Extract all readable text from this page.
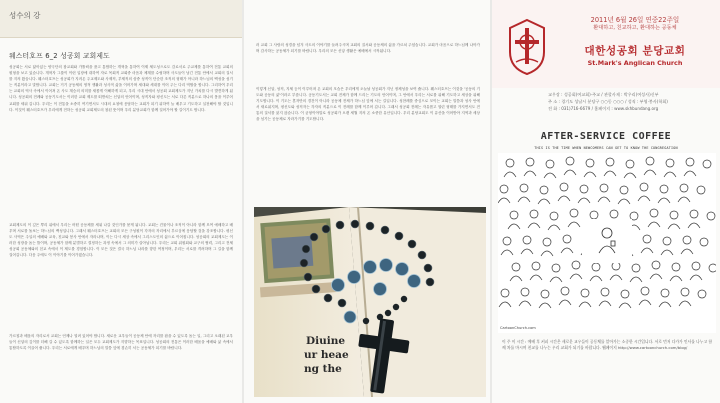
성수의 강
웨스터호프 6_2 성공회 교회제도
성공회는 서로 닮아있는 양극단의 참교회와 가톨릭을 품고 통합하는 개혁을 통하여 이제 체도성으로도 감로서로 주교제를 통하여 전통 교회의 원형을 보고 있습니다. 개혁자 그룹이 이런 입장에 대하여 자로 목회적 교회중 마음과 체계를 수립하며 사도들이 남긴 전통 안에서 교회의 질서를 지켜 왔습니다. 웨스터호프는 성공회가 지켜온 주교제도와 사제직, 부제직의 삼중 성직이 단순한 조직의 형태가 아니라 하느님의 백성을 섬기는 직분이라고 말합니다. 교회는 거기 공동체의 영적 생활과 성사적 삶을 이어가며 세대와 세대를 이어 주는 다리 역할을 합니다. 그리하여 우리는 교회의 역사 속에서 이어져 온 사도 계승의 의미를 새롭게 이해하게 되고, 우리 시대 안에서 성공회 교회제도가 지닌 가치를 다시 발견하게 됩니다. 성공회의 전례와 공동기도서는 이러한 교회 제도를 떠받치는 신앙의 언어이며, 성직자와 평신도는 서로 다른 직분으로 하나의 몸을 이루어 교회를 세워 갑니다. 우리는 이 전통을 소중히 여기면서도 시대의 요청에 응답하는 교회가 되기 위하여 늘 배우고 기도하고 실천해야 할 것입니다. 이것이 웨스터호프가 우리에게 전하는 성공회 교회제도의 참된 뜻이며 우리 분당교회가 함께 걸어가야 할 길이기도 합니다.
교회제도의 이 깊은 뿌리 위에서 우리는 어떤 공동체를 세워 나갈 것인가를 묻게 됩니다. 교회는 건물이나 조직이 아니라 함께 모여 예배하고 배우며 서로를 돌보는 하느님의 백성입니다. 그래서 웨스터호프는 교회의 모든 구성원이 각자의 자리에서 부르심에 응답할 것을 강조합니다. 평신도 사역은 주일의 예배와 교육, 친교와 봉사 안에서 자라나며, 이는 다시 세상 속에서 그리스도인의 삶으로 이어집니다. 성공회의 교회제도는 이러한 성장을 돕는 틀이며, 공동체가 함께 분별하고 결정하는 과정 속에서 그 의미가 살아납니다. 우리는 교회 위원회와 교구의 협력, 그리고 전체 성공회 공동체와의 친교 속에서 이 제도를 경험합니다. 이 모든 것은 결국 하느님 나라를 향한 여정이며, 우리는 서로를 격려하며 그 길을 함께 걸어갑니다. 다음 주에도 이 이야기를 이어가겠습니다.
가르침과 배움의 자리로서 교회는 언제나 열려 있어야 합니다. 새로운 교우들이 공동체 안에 자리를 잡을 수 있도록 돕는 일, 그리고 오래된 교우들이 신앙의 깊이를 더해 갈 수 있도록 함께하는 일은 모두 교회제도가 지향하는 목표입니다. 성공회의 전통은 이러한 배움을 예배와 삶 속에서 통합하도록 이끌어 줍니다. 우리는 서로에게 배우며 하느님의 말씀 앞에 겸손히 서는 공동체가 되기를 바랍니다.
러 교회 그 사랑의 성경을 넘겨 사도의 이야기를 들려주시며 교회의 질서와 공동체의 삶을 가르쳐 주셨습니다. 교회가 마음으로 하느님께 나아가며 감사하는 공동체가 되기를 바랍니다. 우리의 모든 신앙 생활은 예배에서 시작됩니다.
이렇게 신앙, 성직, 지체 등이 이루어져 온 교회의 모습은 우리에게 오늘날 성공회가 지닌 정체성을 보여 줍니다. 웨스터호프는 이것을 '공동의 기도와 공동의 삶'이라고 부릅니다. 공동기도서는 교회 전체가 함께 드리는 기도의 언어이며, 그 안에서 우리는 서로를 위해 기도하고 세상을 위해 기도합니다. 이 기도는 혼자만의 경건이 아니라 공동체 전체가 하느님 앞에 서는 길입니다. 성찬례를 중심으로 모이는 교회는 말씀과 성사 안에서 새로워지며, 평신도와 성직자는 각자의 직분으로 이 전례를 함께 이루어 갑니다. 그래서 성공회 전례는 자유롭고 열린 형태를 가지면서도 전통의 질서를 잃지 않습니다. 이 균형이야말로 성공회가 오랜 세월 지켜 온 소중한 유산입니다. 우리 분당교회도 이 유산을 이어받아 지역과 세상을 섬기는 공동체로 자라가기를 기도합니다.
Diuine
ur heae
ng the
2011년 6월 26일 연중22주일
환대하고, 친교하고, 환대하는 공동체
대한성공회 분당교회
St.Mark's Anglican Church
교우장 : 성공회(여교회)·주교 / 관할사제 : 박우리(여성사)신부
주 소 : 경기도 성남시 분당구 ○○동 ○○○ / 성직 : 부영·봉사(학회)
전 화 : 031)716-6679 / 홈페이지 : www.skhbundang.org
AFTER-SERVICE COFFEE
THIS IS THE TIME WHEN NEWCOMERS CAN GET TO KNOW THE CONGREGATION
CartoonChurch.com
이 주 이 시간 : 예배 후 커피 시간은 새로운 교우들이 공동체를 알아가는 소중한 시간입니다. 서로 먼저 다가가 인사를 나누고 함께 차를 마시며 친교를 나누는 우리 교회가 되기를 바랍니다. 웹페이지 http://www.cartoonchurch.com/blog/
